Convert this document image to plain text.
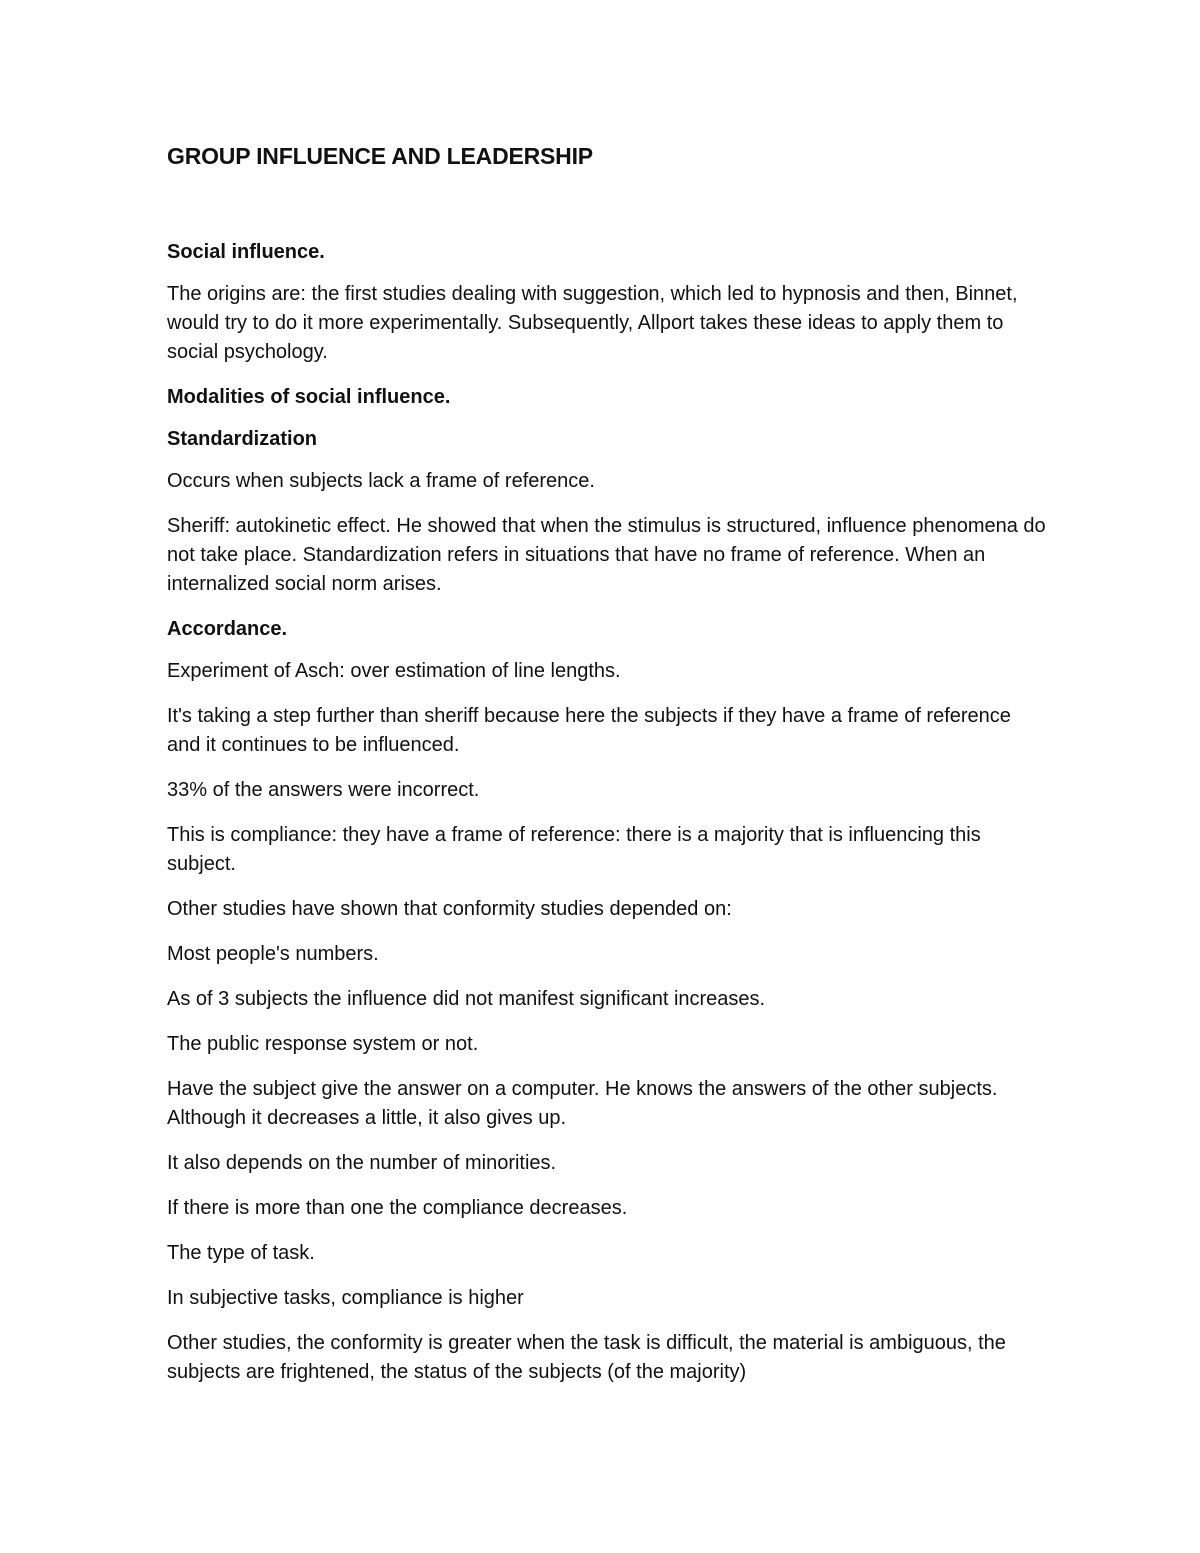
GROUP INFLUENCE AND LEADERSHIP

Social influence.

The origins are: the first studies dealing with suggestion, which led to hypnosis and then, Binnet, would try to do it more experimentally. Subsequently, Allport takes these ideas to apply them to social psychology.

Modalities of social influence.

Standardization

Occurs when subjects lack a frame of reference.

Sheriff: autokinetic effect. He showed that when the stimulus is structured, influence phenomena do not take place. Standardization refers in situations that have no frame of reference. When an internalized social norm arises.

Accordance.

Experiment of Asch: over estimation of line lengths.

It's taking a step further than sheriff because here the subjects if they have a frame of reference and it continues to be influenced.

33% of the answers were incorrect.

This is compliance: they have a frame of reference: there is a majority that is influencing this subject.

Other studies have shown that conformity studies depended on:

Most people's numbers.

As of 3 subjects the influence did not manifest significant increases.

The public response system or not.

Have the subject give the answer on a computer. He knows the answers of the other subjects. Although it decreases a little, it also gives up.

It also depends on the number of minorities.

If there is more than one the compliance decreases.

The type of task.

In subjective tasks, compliance is higher

Other studies, the conformity is greater when the task is difficult, the material is ambiguous, the subjects are frightened, the status of the subjects (of the majority)
